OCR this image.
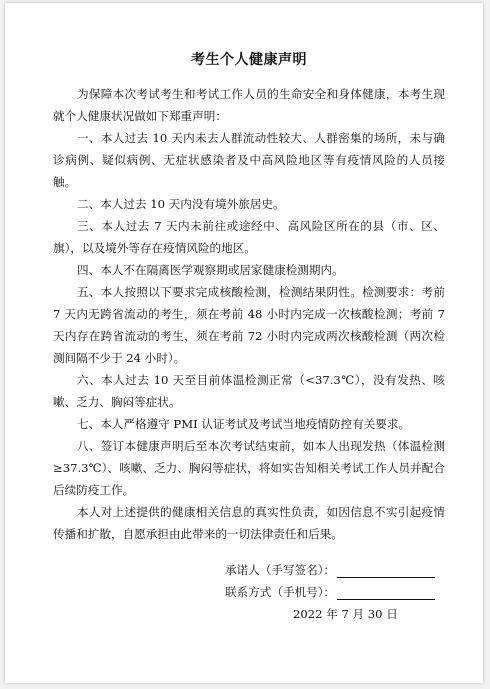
考生个人健康声明

为保障本次考试考生和考试工作人员的生命安全和身体健康，本考生现就个人健康状况做如下郑重声明：

一、本人过去 10 天内未去人群流动性较大、人群密集的场所，未与确诊病例、疑似病例、无症状感染者及中高风险地区等有疫情风险的人员接触。

二、本人过去 10 天内没有境外旅居史。

三、本人过去 7 天内未前往或途经中、高风险区所在的县（市、区、旗），以及境外等存在疫情风险的地区。

四、本人不在隔离医学观察期或居家健康检测期内。

五、本人按照以下要求完成核酸检测，检测结果阴性。检测要求：考前 7 天内无跨省流动的考生，须在考前 48 小时内完成一次核酸检测；考前 7 天内存在跨省流动的考生，须在考前 72 小时内完成两次核酸检测（两次检测间隔不少于 24 小时）。

六、本人过去 10 天至目前体温检测正常（<37.3℃），没有发热、咳嗽、乏力、胸闷等症状。

七、本人严格遵守 PMI 认证考试及考试当地疫情防控有关要求。

八、签订本健康声明后至本次考试结束前，如本人出现发热（体温检测≥37.3℃）、咳嗽、乏力、胸闷等症状，将如实告知相关考试工作人员并配合后续防疫工作。

本人对上述提供的健康相关信息的真实性负责，如因信息不实引起疫情传播和扩散，自愿承担由此带来的一切法律责任和后果。

承诺人（手写签名）：
联系方式（手机号）：
2022 年 7 月 30 日
